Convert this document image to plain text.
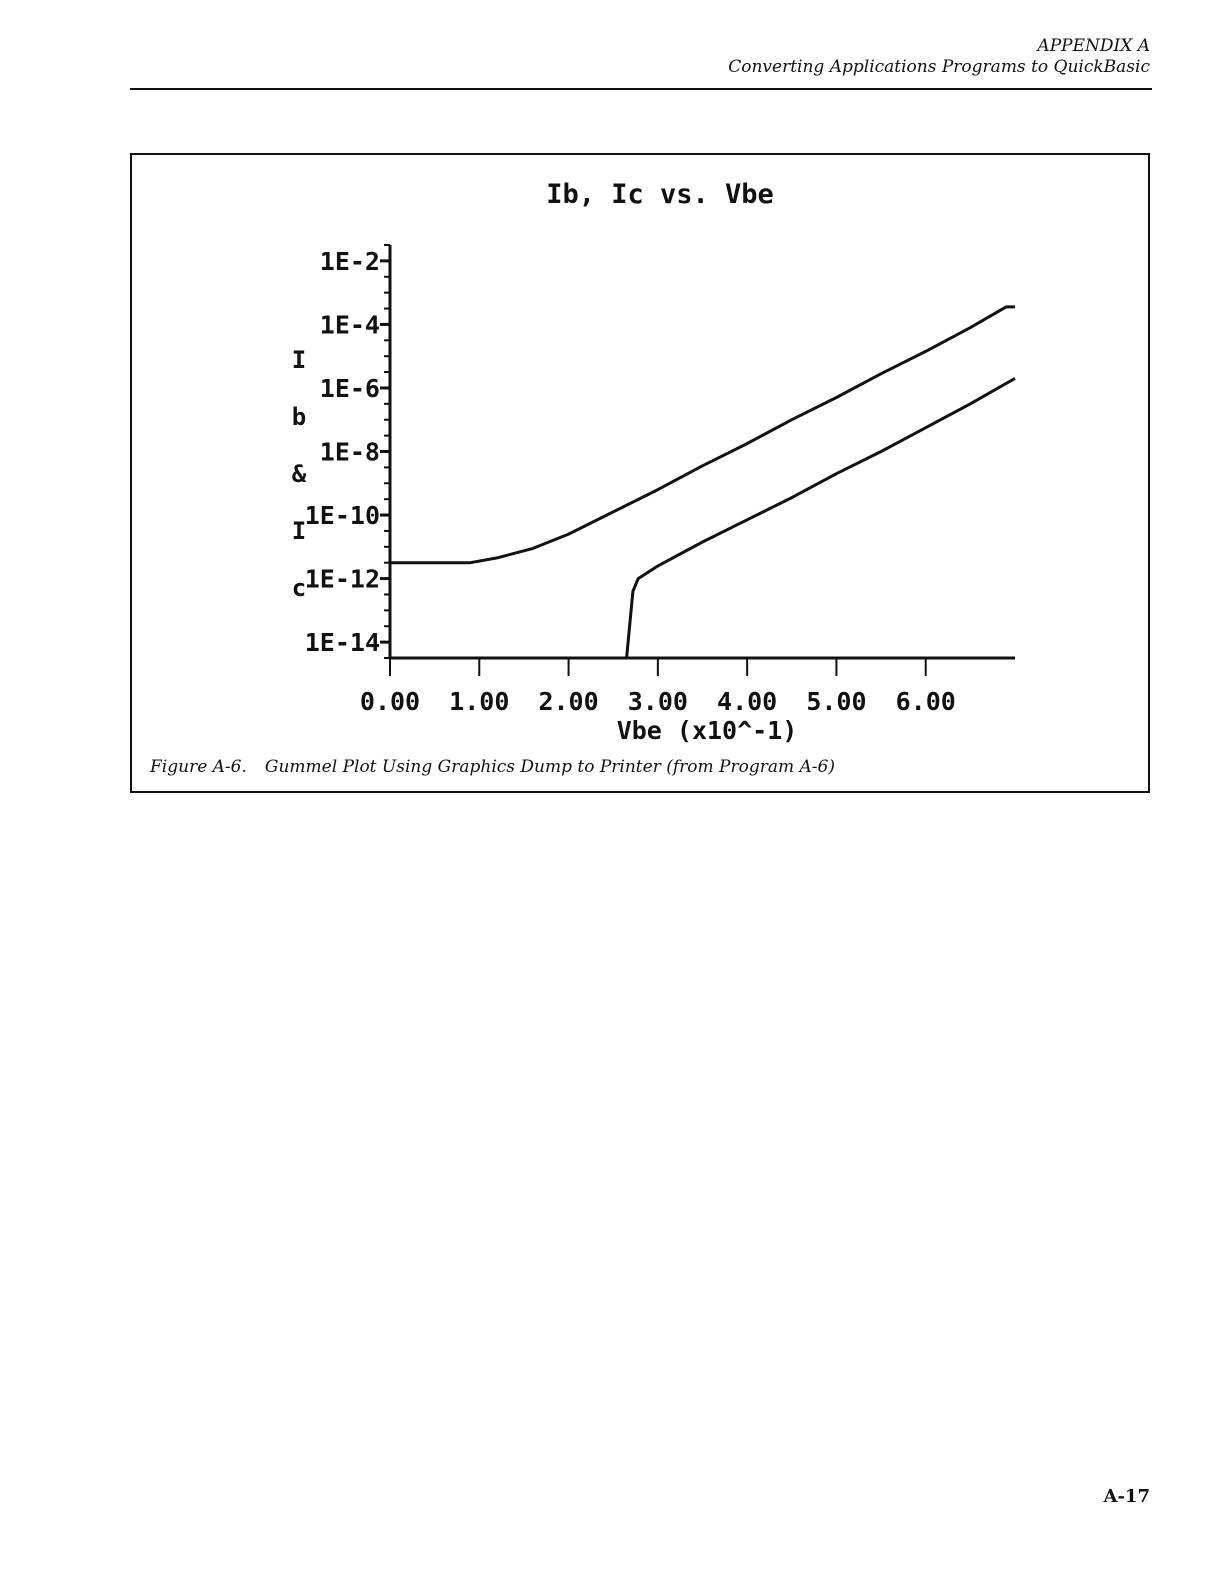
APPENDIX A
Converting Applications Programs to QuickBasic
Ib, Ic vs. Vbe
I
b
&
I
c
1E-2
1E-4
1E-6
1E-8
1E-10
1E-12
1E-14
0.00 1.00 2.00 3.00 4.00 5.00 6.00
Vbe (x10^-1)
Figure A-6. Gummel Plot Using Graphics Dump to Printer (from Program A-6)
A-17
